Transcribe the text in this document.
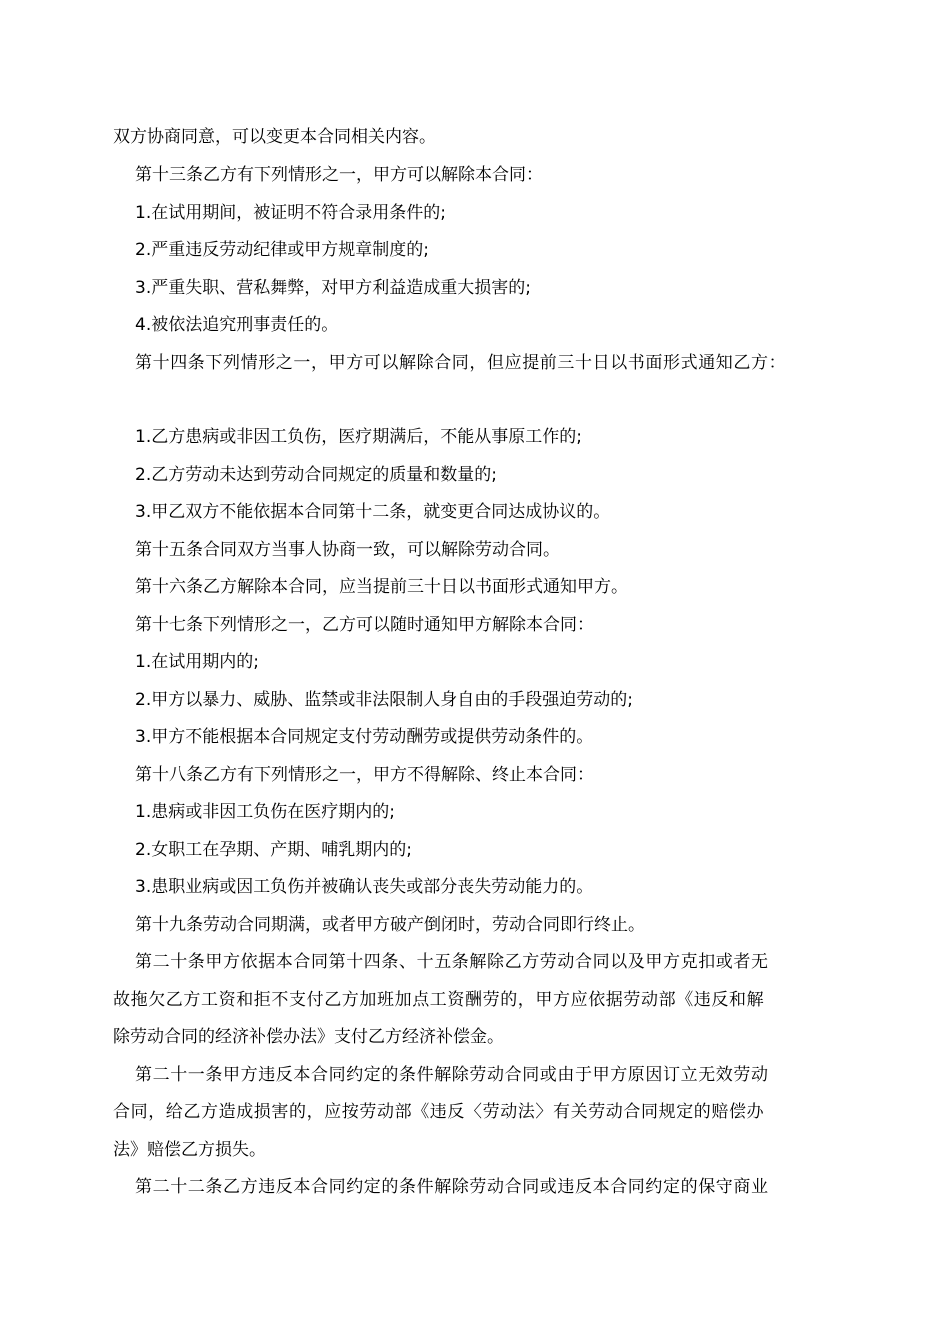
双方协商同意，可以变更本合同相关内容。
第十三条乙方有下列情形之一，甲方可以解除本合同：
1.在试用期间，被证明不符合录用条件的;
2.严重违反劳动纪律或甲方规章制度的;
3.严重失职、营私舞弊，对甲方利益造成重大损害的;
4.被依法追究刑事责任的。
第十四条下列情形之一，甲方可以解除合同，但应提前三十日以书面形式通知乙方：
1.乙方患病或非因工负伤，医疗期满后，不能从事原工作的;
2.乙方劳动未达到劳动合同规定的质量和数量的;
3.甲乙双方不能依据本合同第十二条，就变更合同达成协议的。
第十五条合同双方当事人协商一致，可以解除劳动合同。
第十六条乙方解除本合同，应当提前三十日以书面形式通知甲方。
第十七条下列情形之一，乙方可以随时通知甲方解除本合同：
1.在试用期内的;
2.甲方以暴力、威胁、监禁或非法限制人身自由的手段强迫劳动的;
3.甲方不能根据本合同规定支付劳动酬劳或提供劳动条件的。
第十八条乙方有下列情形之一，甲方不得解除、终止本合同：
1.患病或非因工负伤在医疗期内的;
2.女职工在孕期、产期、哺乳期内的;
3.患职业病或因工负伤并被确认丧失或部分丧失劳动能力的。
第十九条劳动合同期满，或者甲方破产倒闭时，劳动合同即行终止。
第二十条甲方依据本合同第十四条、十五条解除乙方劳动合同以及甲方克扣或者无
故拖欠乙方工资和拒不支付乙方加班加点工资酬劳的，甲方应依据劳动部《违反和解
除劳动合同的经济补偿办法》支付乙方经济补偿金。
第二十一条甲方违反本合同约定的条件解除劳动合同或由于甲方原因订立无效劳动
合同，给乙方造成损害的，应按劳动部《违反〈劳动法〉有关劳动合同规定的赔偿办
法》赔偿乙方损失。
第二十二条乙方违反本合同约定的条件解除劳动合同或违反本合同约定的保守商业
